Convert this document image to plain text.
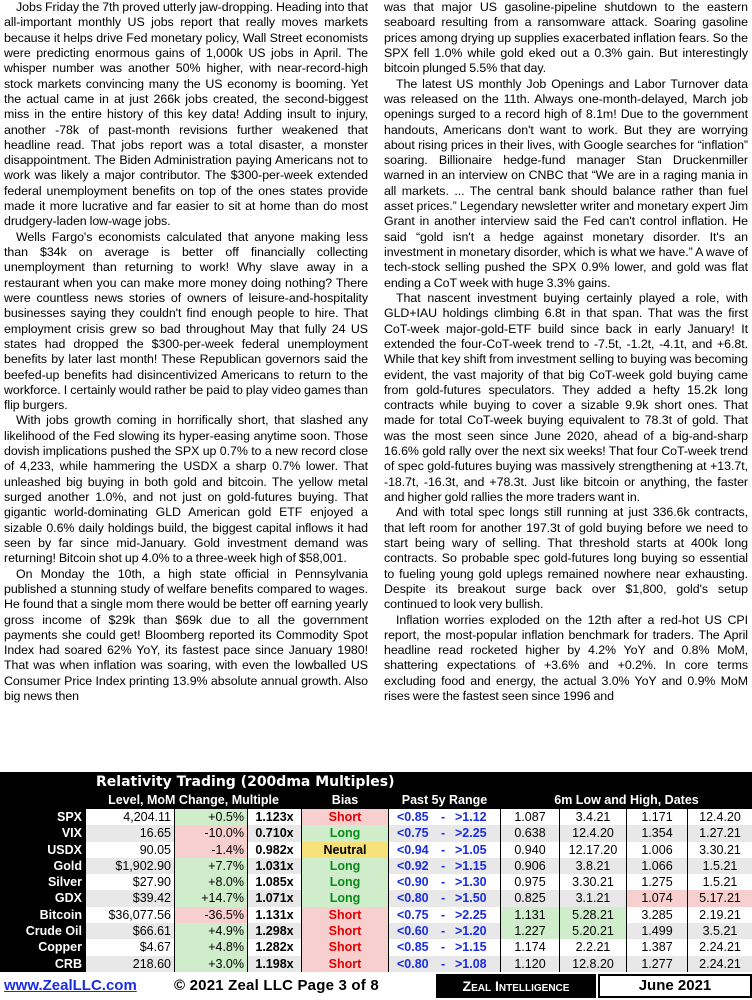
Jobs Friday the 7th proved utterly jaw-dropping. Heading into that all-important monthly US jobs report that really moves markets because it helps drive Fed monetary policy, Wall Street economists were predicting enormous gains of 1,000k US jobs in April. The whisper number was another 50% higher, with near-record-high stock markets convincing many the US economy is booming. Yet the actual came in at just 266k jobs created, the second-biggest miss in the entire history of this key data! Adding insult to injury, another -78k of past-month revisions further weakened that headline read. That jobs report was a total disaster, a monster disappointment. The Biden Administration paying Americans not to work was likely a major contributor. The $300-per-week extended federal unemployment benefits on top of the ones states provide made it more lucrative and far easier to sit at home than do most drudgery-laden low-wage jobs.

Wells Fargo's economists calculated that anyone making less than $34k on average is better off financially collecting unemployment than returning to work! Why slave away in a restaurant when you can make more money doing nothing? There were countless news stories of owners of leisure-and-hospitality businesses saying they couldn't find enough people to hire. That employment crisis grew so bad throughout May that fully 24 US states had dropped the $300-per-week federal unemployment benefits by later last month! These Republican governors said the beefed-up benefits had disincentivized Americans to return to the workforce. I certainly would rather be paid to play video games than flip burgers.

With jobs growth coming in horrifically short, that slashed any likelihood of the Fed slowing its hyper-easing anytime soon. Those dovish implications pushed the SPX up 0.7% to a new record close of 4,233, while hammering the USDX a sharp 0.7% lower. That unleashed big buying in both gold and bitcoin. The yellow metal surged another 1.0%, and not just on gold-futures buying. That gigantic world-dominating GLD American gold ETF enjoyed a sizable 0.6% daily holdings build, the biggest capital inflows it had seen by far since mid-January. Gold investment demand was returning! Bitcoin shot up 4.0% to a three-week high of $58,001.

On Monday the 10th, a high state official in Pennsylvania published a stunning study of welfare benefits compared to wages. He found that a single mom there would be better off earning yearly gross income of $29k than $69k due to all the government payments she could get! Bloomberg reported its Commodity Spot Index had soared 62% YoY, its fastest pace since January 1980! That was when inflation was soaring, with even the lowballed US Consumer Price Index printing 13.9% absolute annual growth. Also big news then

was that major US gasoline-pipeline shutdown to the eastern seaboard resulting from a ransomware attack. Soaring gasoline prices among drying up supplies exacerbated inflation fears. So the SPX fell 1.0% while gold eked out a 0.3% gain. But interestingly bitcoin plunged 5.5% that day.

The latest US monthly Job Openings and Labor Turnover data was released on the 11th. Always one-month-delayed, March job openings surged to a record high of 8.1m! Due to the government handouts, Americans don't want to work. But they are worrying about rising prices in their lives, with Google searches for “inflation” soaring. Billionaire hedge-fund manager Stan Druckenmiller warned in an interview on CNBC that “We are in a raging mania in all markets. ... The central bank should balance rather than fuel asset prices.” Legendary newsletter writer and monetary expert Jim Grant in another interview said the Fed can't control inflation. He said “gold isn't a hedge against monetary disorder. It's an investment in monetary disorder, which is what we have.” A wave of tech-stock selling pushed the SPX 0.9% lower, and gold was flat ending a CoT week with huge 3.3% gains.

That nascent investment buying certainly played a role, with GLD+IAU holdings climbing 6.8t in that span. That was the first CoT-week major-gold-ETF build since back in early January! It extended the four-CoT-week trend to -7.5t, -1.2t, -4.1t, and +6.8t. While that key shift from investment selling to buying was becoming evident, the vast majority of that big CoT-week gold buying came from gold-futures speculators. They added a hefty 15.2k long contracts while buying to cover a sizable 9.9k short ones. That made for total CoT-week buying equivalent to 78.3t of gold. That was the most seen since June 2020, ahead of a big-and-sharp 16.6% gold rally over the next six weeks! That four CoT-week trend of spec gold-futures buying was massively strengthening at +13.7t, -18.7t, -16.3t, and +78.3t. Just like bitcoin or anything, the faster and higher gold rallies the more traders want in.

And with total spec longs still running at just 336.6k contracts, that left room for another 197.3t of gold buying before we need to start being wary of selling. That threshold starts at 400k long contracts. So probable spec gold-futures long buying so essential to fueling young gold uplegs remained nowhere near exhausting. Despite its breakout surge back over $1,800, gold's setup continued to look very bullish.

Inflation worries exploded on the 12th after a red-hot US CPI report, the most-popular inflation benchmark for traders. The April headline read rocketed higher by 4.2% YoY and 0.8% MoM, shattering expectations of +3.6% and +0.2%. In core terms excluding food and energy, the actual 3.0% YoY and 0.9% MoM rises were the fastest seen since 1996 and

Relativity Trading (200dma Multiples)
Level, MoM Change, Multiple	Bias	Past 5y Range	6m Low and High, Dates
SPX	4,204.11	+0.5% 1.123x	Short	<0.85 - >1.12	1.087	3.4.21	1.171	12.4.20
VIX	16.65	-10.0% 0.710x	Long	<0.75 - >2.25	0.638	12.4.20	1.354	1.27.21
USDX	90.05	-1.4% 0.982x	Neutral	<0.94 - >1.05	0.940	12.17.20	1.006	3.30.21
Gold	$1,902.90	+7.7% 1.031x	Long	<0.92 - >1.15	0.906	3.8.21	1.066	1.5.21
Silver	$27.90	+8.0% 1.085x	Long	<0.90 - >1.30	0.975	3.30.21	1.275	1.5.21
GDX	$39.42	+14.7% 1.071x	Long	<0.80 - >1.50	0.825	3.1.21	1.074	5.17.21
Bitcoin	$36,077.56	-36.5% 1.131x	Short	<0.75 - >2.25	1.131	5.28.21	3.285	2.19.21
Crude Oil	$66.61	+4.9% 1.298x	Short	<0.60 - >1.20	1.227	5.20.21	1.499	3.5.21
Copper	$4.67	+4.8% 1.282x	Short	<0.85 - >1.15	1.174	2.2.21	1.387	2.24.21
CRB	218.60	+3.0% 1.198x	Short	<0.80 - >1.08	1.120	12.8.20	1.277	2.24.21
www.ZealLLC.com © 2021 Zeal LLC Page 3 of 8	Zeal Intelligence	June 2021
